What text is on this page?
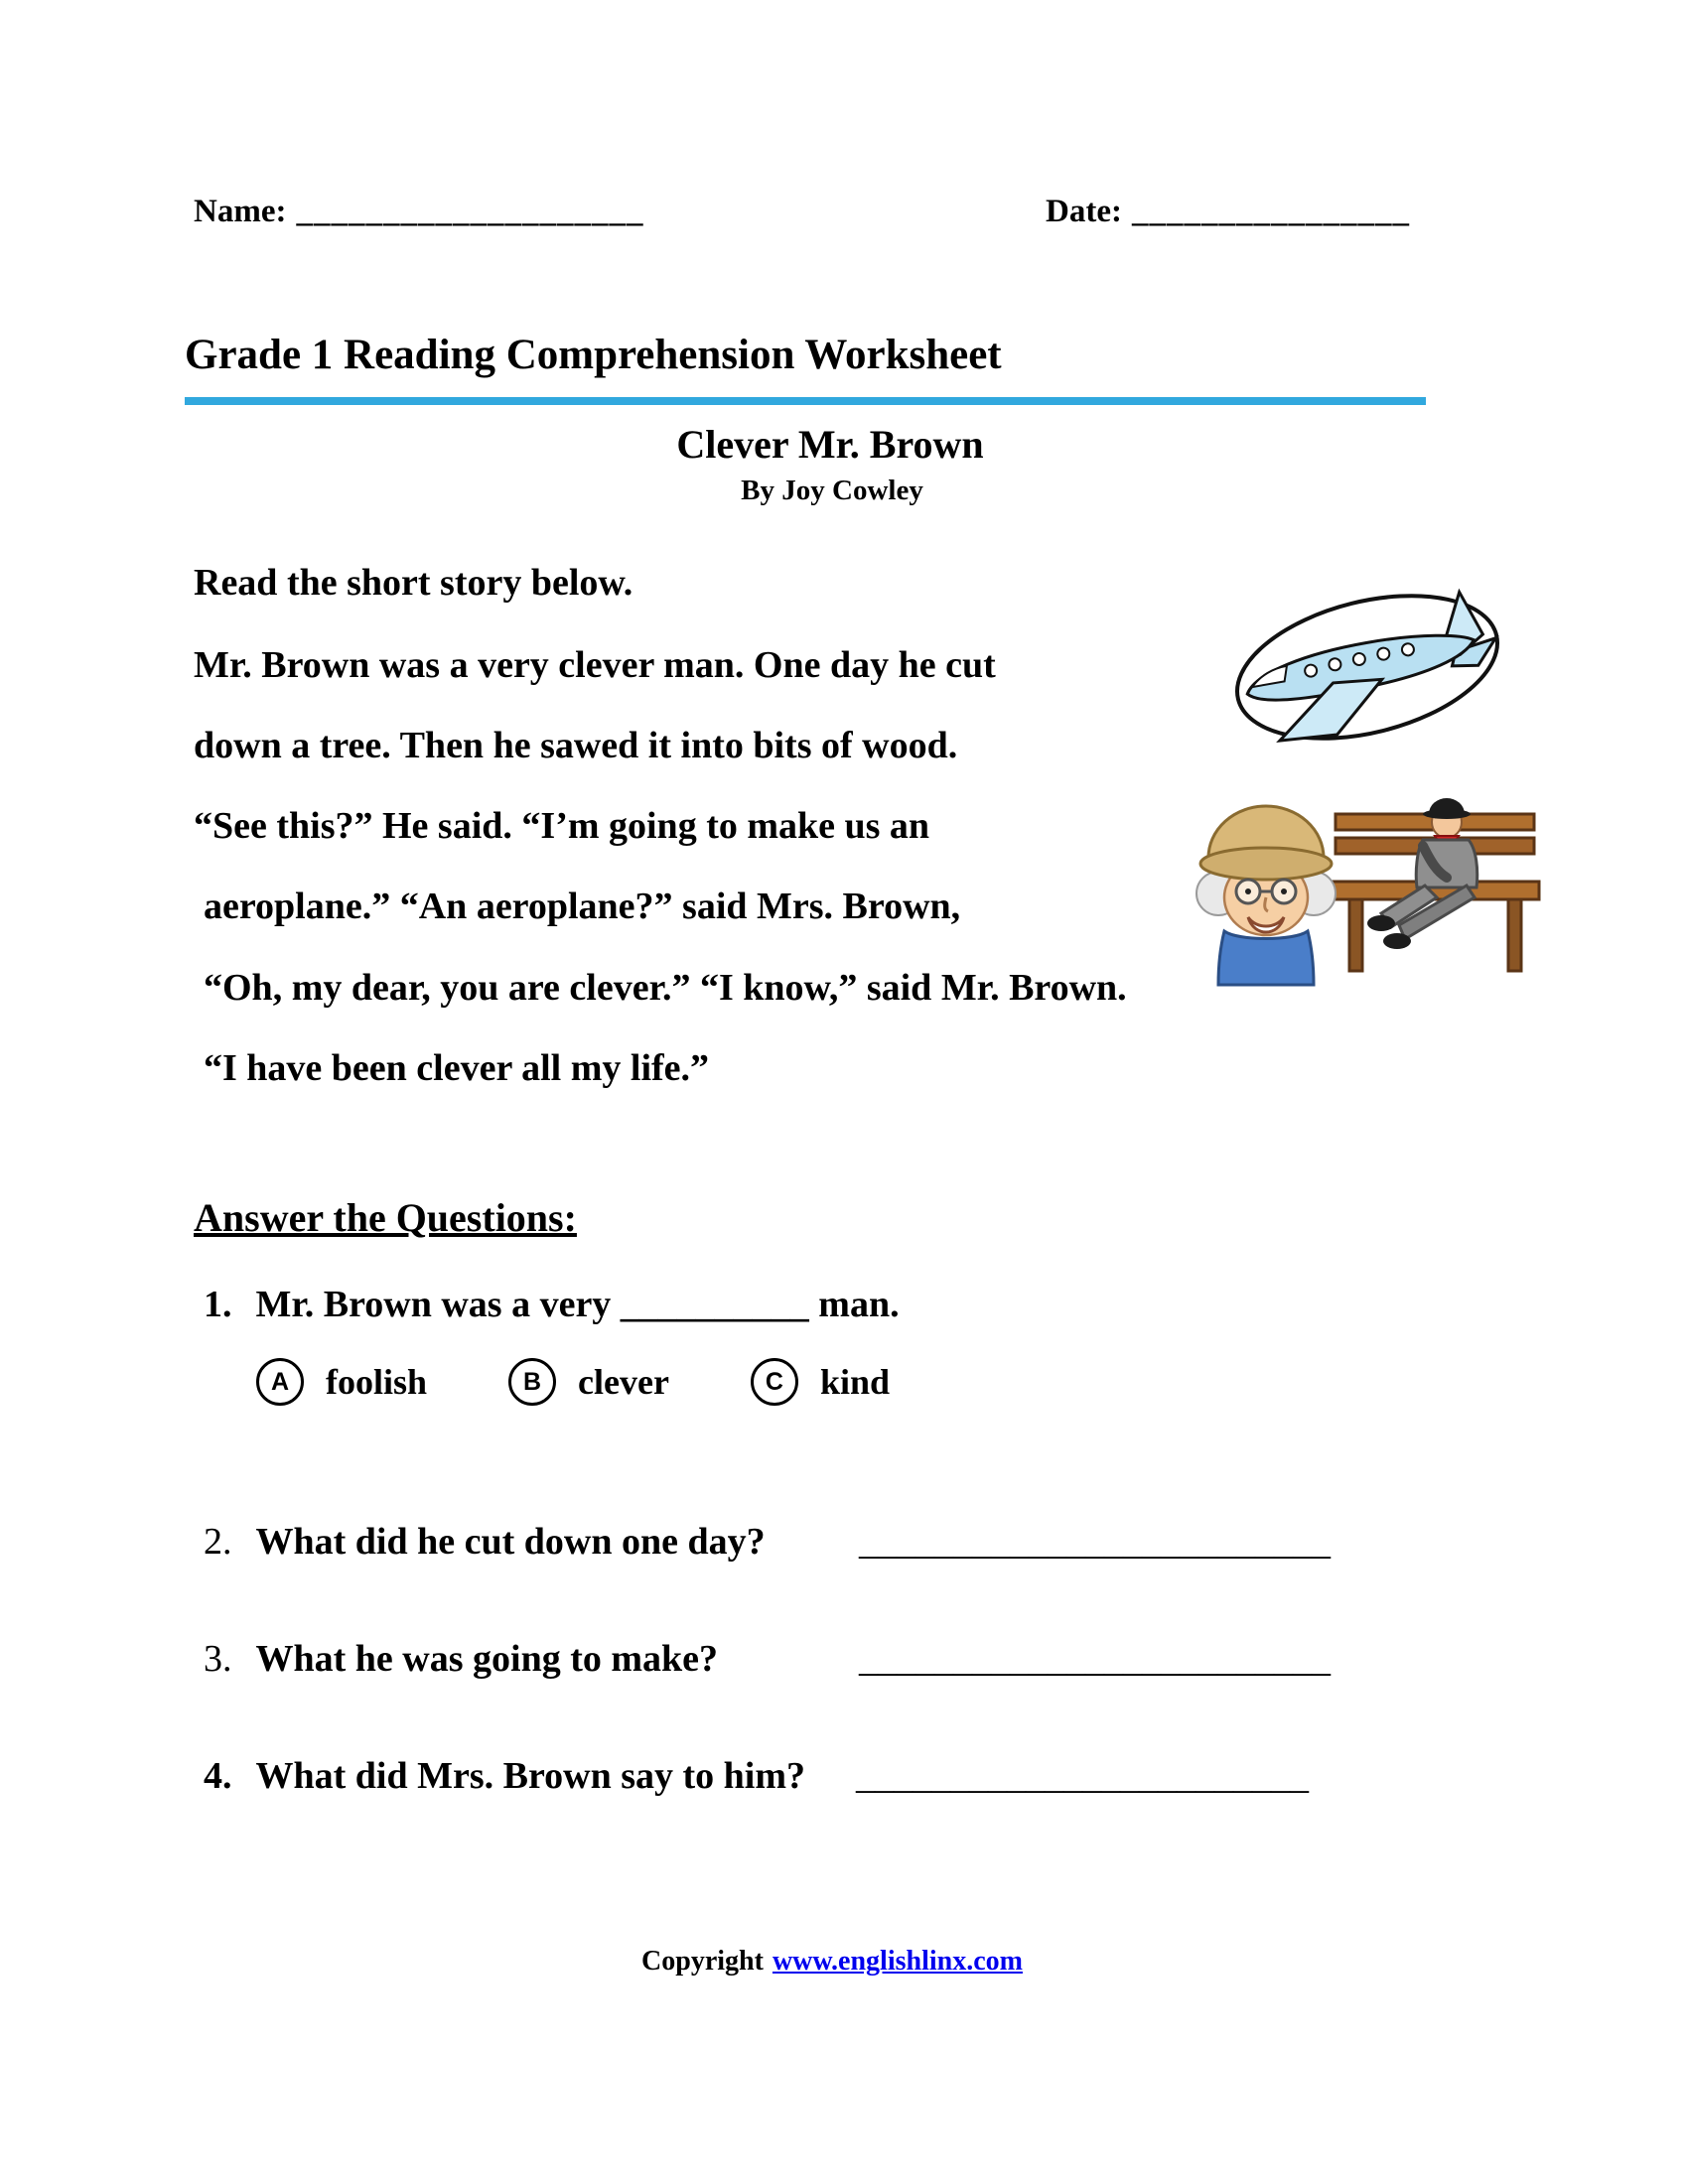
Name: ____________________	Date: ________________
Grade 1 Reading Comprehension Worksheet
Clever Mr. Brown
By Joy Cowley
Read the short story below.
Mr. Brown was a very clever man. One day he cut
down a tree. Then he sawed it into bits of wood.
“See this?” He said. “I’m going to make us an
aeroplane.” “An aeroplane?” said Mrs. Brown,
“Oh, my dear, you are clever.” “I know,” said Mr. Brown.
“I have been clever all my life.”
Answer the Questions:
1. Mr. Brown was a very __________ man.
A	foolish	B	clever	C	kind
2. What did he cut down one day? _________________________
3. What he was going to make?	_________________________
4. What did Mrs. Brown say to him? ________________________
Copyright www.englishlinx.com
